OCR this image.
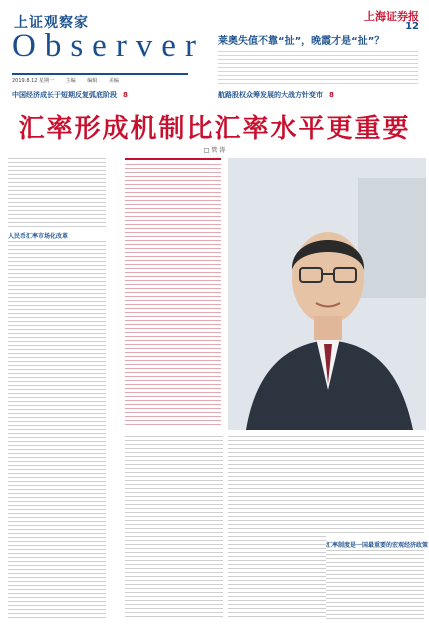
上证观察家
Observer
2019.8.12 星期一 主编 编辑 美编
上海证券报
12
莱奥失值不靠“扯”，晚霞才是“扯”？
中国经济成长于短期反复弧底阶段 8	航路股权众筹发展的大战方针变市 8
汇率形成机制比汇率水平更重要
□ 管 涛
人民币汇率市场化改革
汇率制度是一国最重要的宏观经济政策
